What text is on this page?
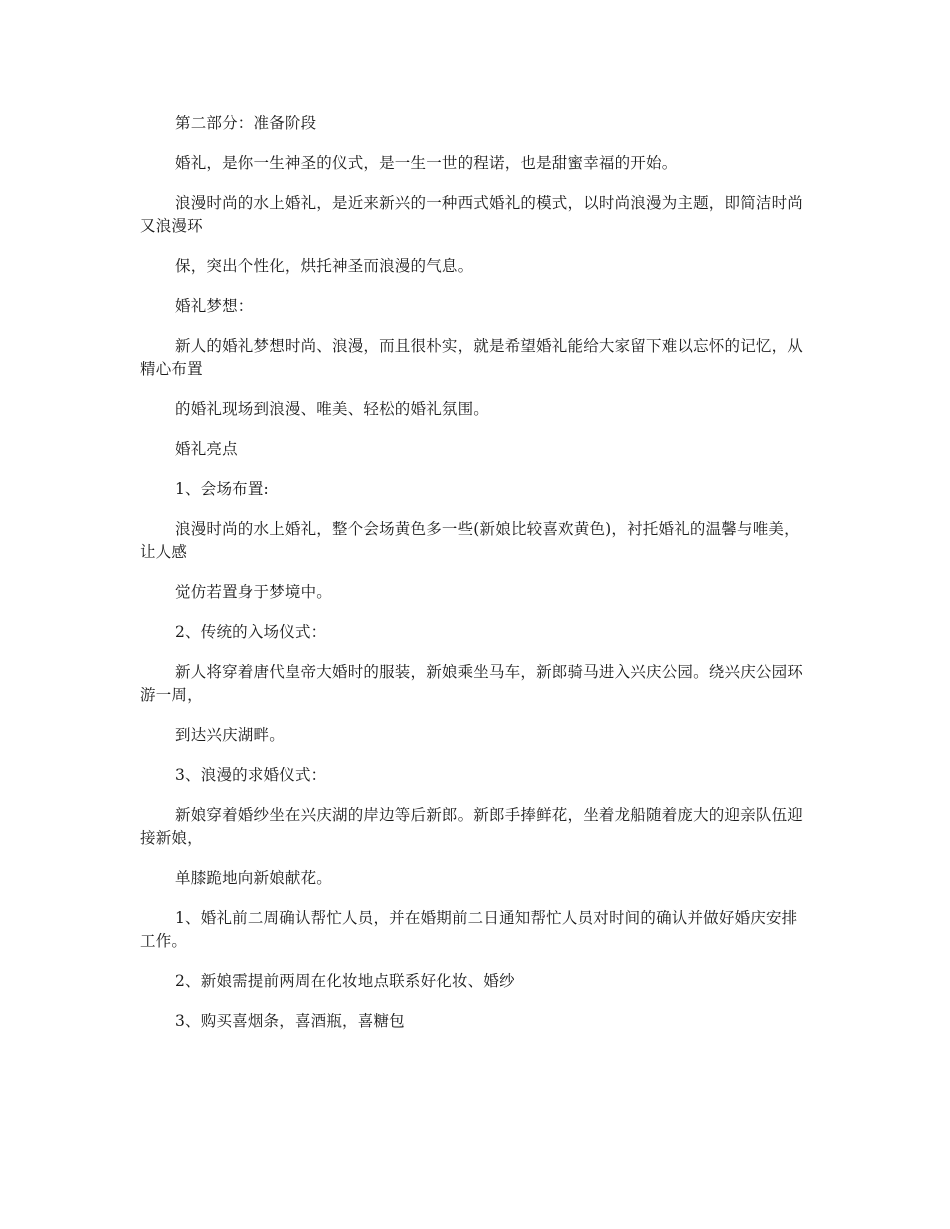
第二部分：准备阶段

婚礼，是你一生神圣的仪式，是一生一世的程诺，也是甜蜜幸福的开始。

浪漫时尚的水上婚礼，是近来新兴的一种西式婚礼的模式，以时尚浪漫为主题，即简洁时尚又浪漫环

保，突出个性化，烘托神圣而浪漫的气息。

婚礼梦想：

新人的婚礼梦想时尚、浪漫，而且很朴实，就是希望婚礼能给大家留下难以忘怀的记忆，从精心布置

的婚礼现场到浪漫、唯美、轻松的婚礼氛围。

婚礼亮点

1、会场布置:

浪漫时尚的水上婚礼，整个会场黄色多一些(新娘比较喜欢黄色)，衬托婚礼的温馨与唯美，让人感

觉仿若置身于梦境中。

2、传统的入场仪式：

新人将穿着唐代皇帝大婚时的服装，新娘乘坐马车，新郎骑马进入兴庆公园。绕兴庆公园环游一周，

到达兴庆湖畔。

3、浪漫的求婚仪式：

新娘穿着婚纱坐在兴庆湖的岸边等后新郎。新郎手捧鲜花，坐着龙船随着庞大的迎亲队伍迎接新娘，

单膝跪地向新娘献花。

1、婚礼前二周确认帮忙人员，并在婚期前二日通知帮忙人员对时间的确认并做好婚庆安排工作。

2、新娘需提前两周在化妆地点联系好化妆、婚纱

3、购买喜烟条，喜酒瓶，喜糖包
